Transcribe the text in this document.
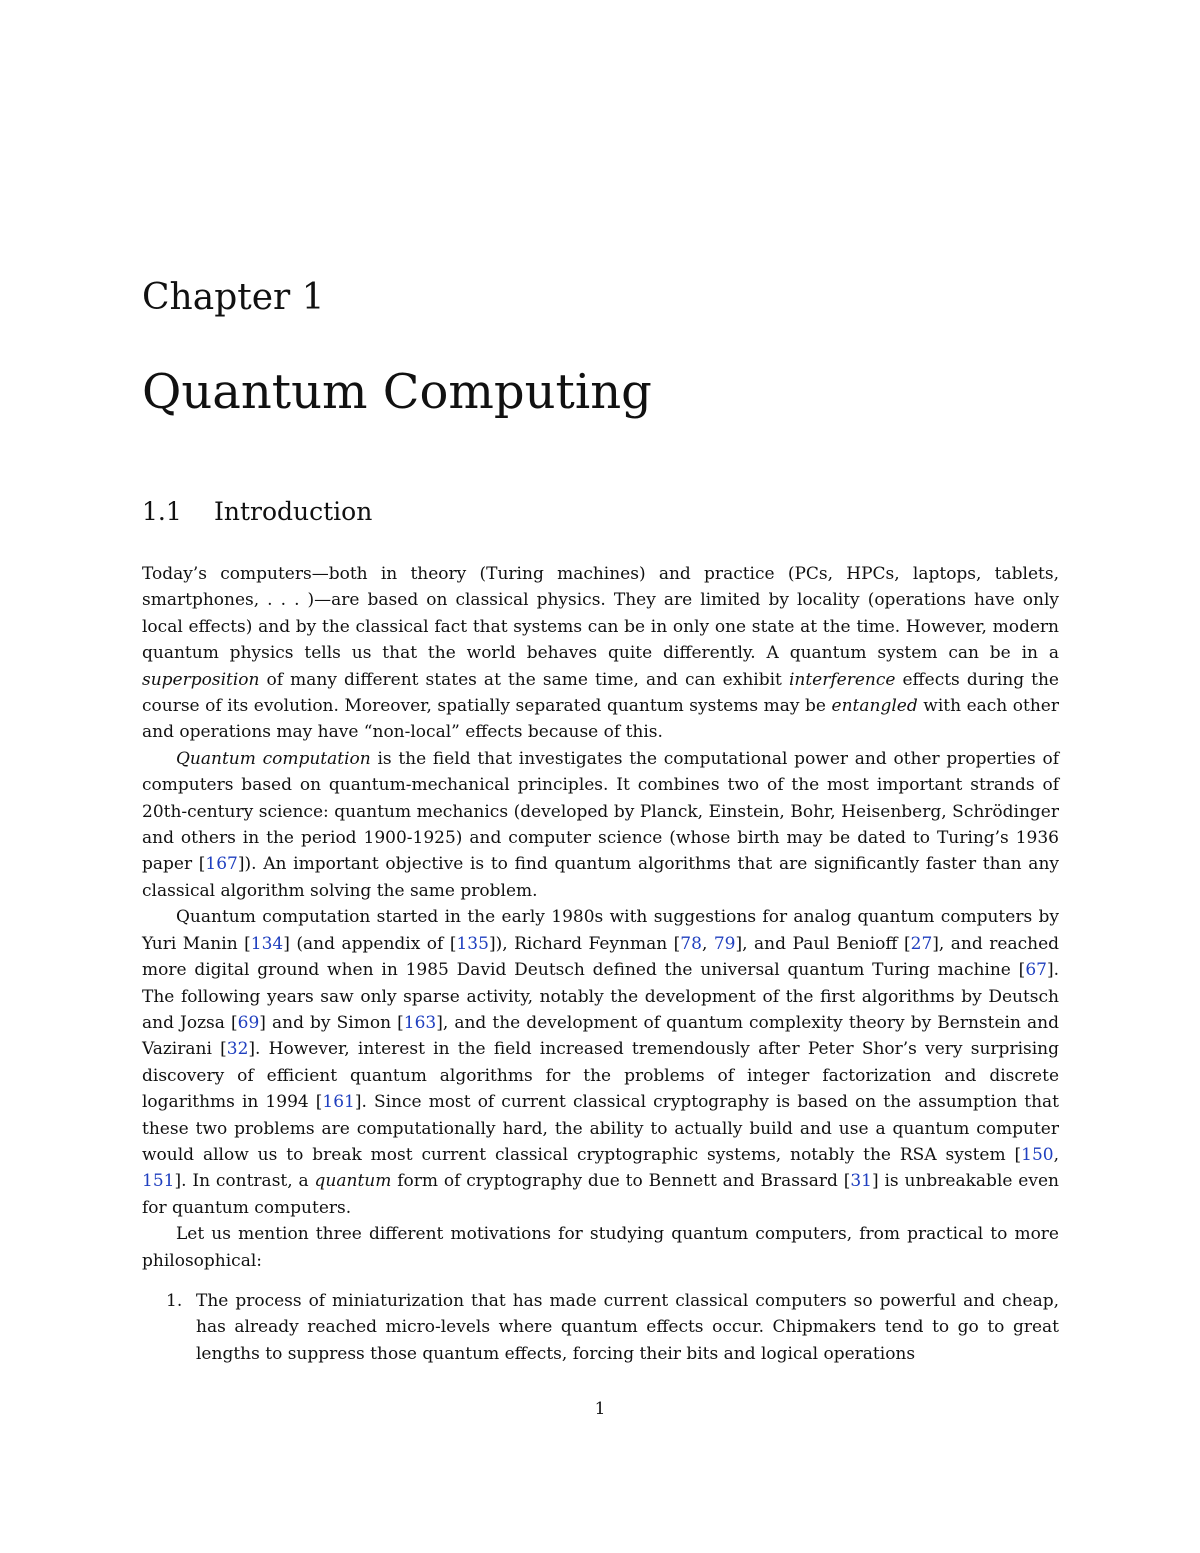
Chapter 1
Quantum Computing
1.1 Introduction

Today’s computers—both in theory (Turing machines) and practice (PCs, HPCs, laptops, tablets, smartphones, . . . )—are based on classical physics. They are limited by locality (operations have only local effects) and by the classical fact that systems can be in only one state at the time. However, modern quantum physics tells us that the world behaves quite differently. A quantum system can be in a superposition of many different states at the same time, and can exhibit interference effects during the course of its evolution. Moreover, spatially separated quantum systems may be entangled with each other and operations may have “non-local” effects because of this.

Quantum computation is the field that investigates the computational power and other properties of computers based on quantum-mechanical principles. It combines two of the most important strands of 20th-century science: quantum mechanics (developed by Planck, Einstein, Bohr, Heisenberg, Schrödinger and others in the period 1900-1925) and computer science (whose birth may be dated to Turing’s 1936 paper [167]). An important objective is to find quantum algorithms that are significantly faster than any classical algorithm solving the same problem.

Quantum computation started in the early 1980s with suggestions for analog quantum computers by Yuri Manin [134] (and appendix of [135]), Richard Feynman [78, 79], and Paul Benioff [27], and reached more digital ground when in 1985 David Deutsch defined the universal quantum Turing machine [67]. The following years saw only sparse activity, notably the development of the first algorithms by Deutsch and Jozsa [69] and by Simon [163], and the development of quantum complexity theory by Bernstein and Vazirani [32]. However, interest in the field increased tremendously after Peter Shor’s very surprising discovery of efficient quantum algorithms for the problems of integer factorization and discrete logarithms in 1994 [161]. Since most of current classical cryptography is based on the assumption that these two problems are computationally hard, the ability to actually build and use a quantum computer would allow us to break most current classical cryptographic systems, notably the RSA system [150, 151]. In contrast, a quantum form of cryptography due to Bennett and Brassard [31] is unbreakable even for quantum computers.

Let us mention three different motivations for studying quantum computers, from practical to more philosophical:

1. The process of miniaturization that has made current classical computers so powerful and cheap, has already reached micro-levels where quantum effects occur. Chipmakers tend to go to great lengths to suppress those quantum effects, forcing their bits and logical operations
1
